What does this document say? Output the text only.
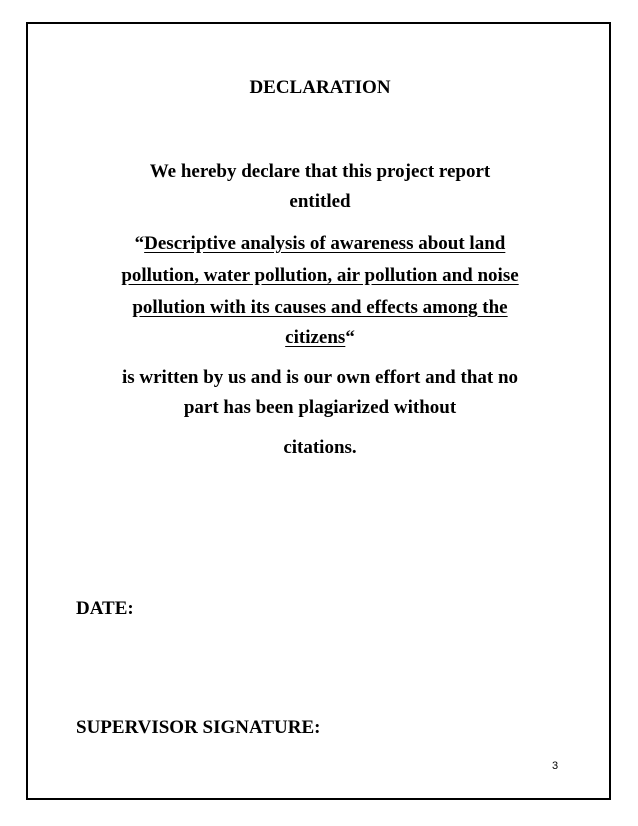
DECLARATION
We hereby declare that this project report
entitled
“Descriptive analysis of awareness about land
pollution, water pollution, air pollution and noise
pollution with its causes and effects among the
citizens“
is written by us and is our own effort and that no
part has been plagiarized without
citations.
DATE:
SUPERVISOR SIGNATURE:
3
